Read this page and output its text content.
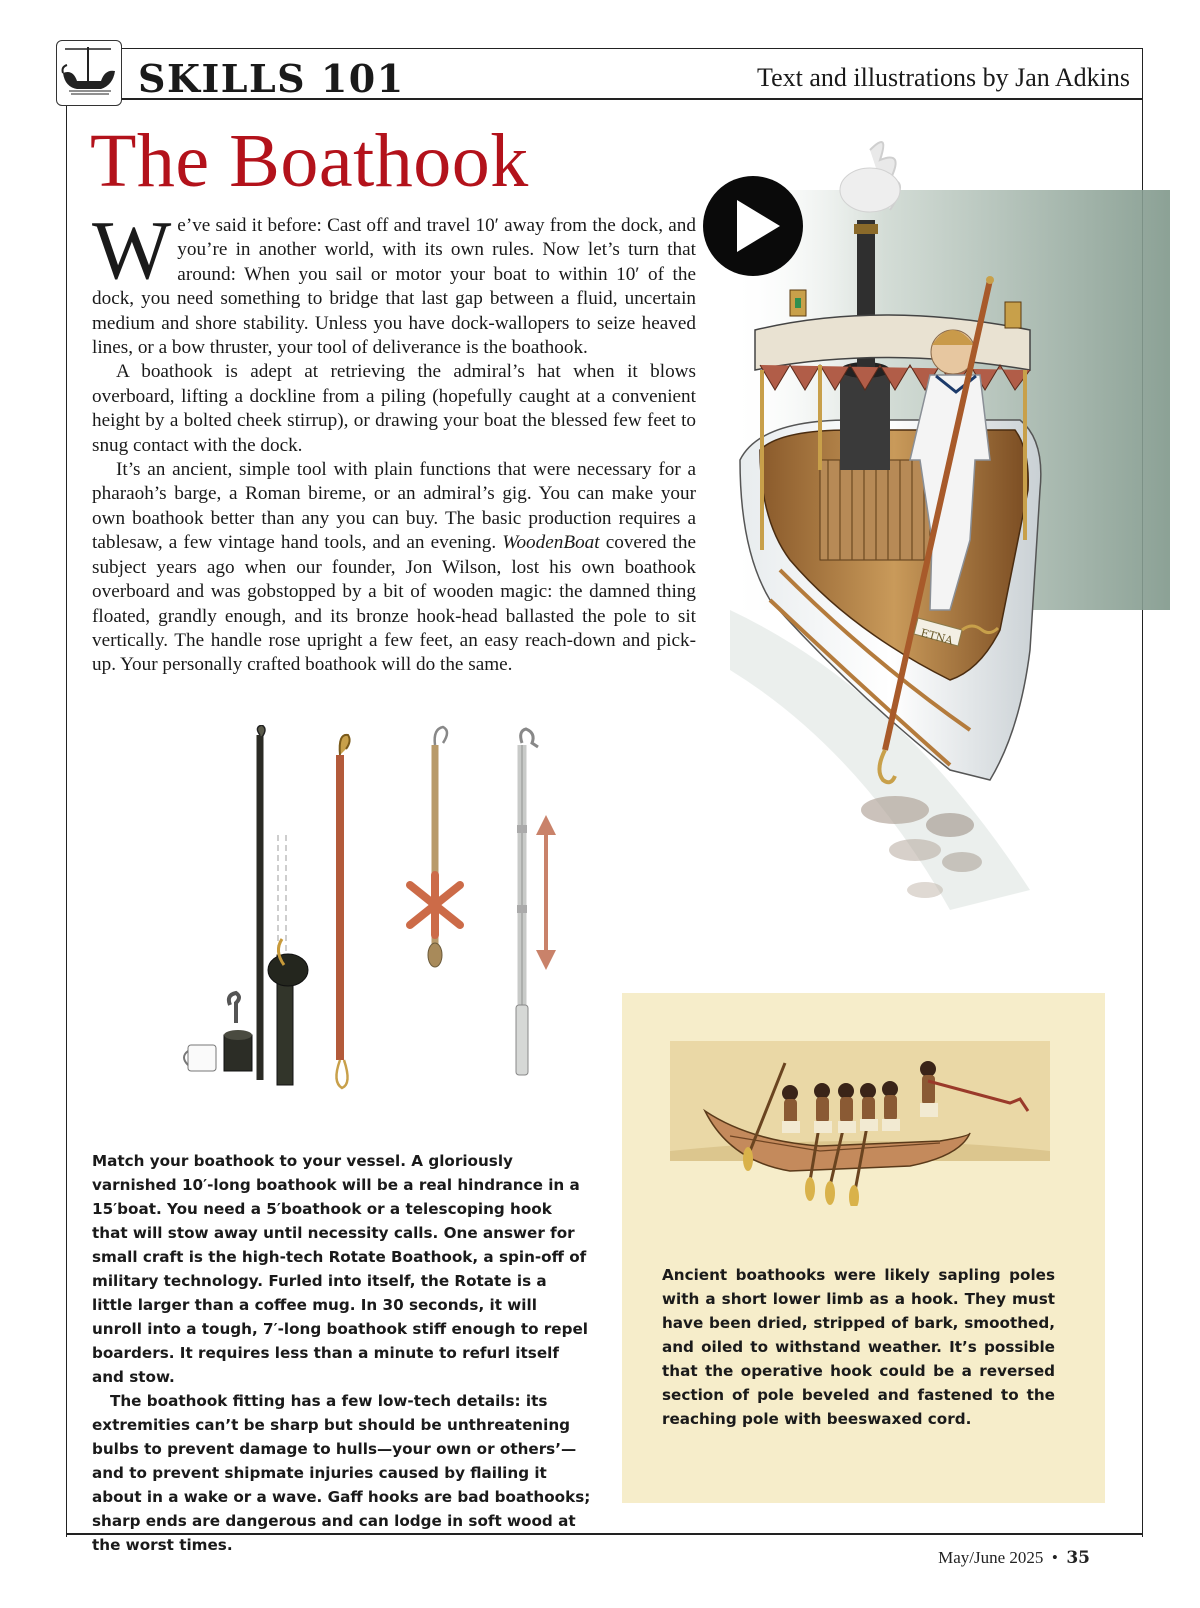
SKILLS 101	Text and illustrations by Jan Adkins
The Boathook

We’ve said it before: Cast off and travel 10′ away from the dock, and you’re in another world, with its own rules. Now let’s turn that around: When you sail or motor your boat to within 10′ of the dock, you need something to bridge that last gap between a fluid, uncertain medium and shore stability. Unless you have dock-wallopers to seize heaved lines, or a bow thruster, your tool of deliverance is the boathook.

A boathook is adept at retrieving the admiral’s hat when it blows overboard, lifting a dockline from a piling (hopefully caught at a convenient height by a bolted cheek stirrup), or drawing your boat the blessed few feet to snug contact with the dock.

It’s an ancient, simple tool with plain functions that were necessary for a pharaoh’s barge, a Roman bireme, or an admiral’s gig. You can make your own boathook better than any you can buy. The basic production requires a tablesaw, a few vintage hand tools, and an evening. WoodenBoat covered the subject years ago when our founder, Jon Wilson, lost his own boathook overboard and was gobstopped by a bit of wooden magic: the damned thing floated, grandly enough, and its bronze hook-head ballasted the pole to sit vertically. The handle rose upright a few feet, an easy reach-down and pick-up. Your personally crafted boathook will do the same.

ETNA

Match your boathook to your vessel. A gloriously varnished 10′-long boathook will be a real hindrance in a 15′boat. You need a 5′boathook or a telescoping hook that will stow away until necessity calls. One answer for small craft is the high-tech Rotate Boathook, a spin-off of military technology. Furled into itself, the Rotate is a little larger than a coffee mug. In 30 seconds, it will unroll into a tough, 7′-long boathook stiff enough to repel boarders. It requires less than a minute to refurl itself and stow.

The boathook fitting has a few low-tech details: its extremities can’t be sharp but should be unthreatening bulbs to prevent damage to hulls—your own or others’—and to prevent shipmate injuries caused by flailing it about in a wake or a wave. Gaff hooks are bad boathooks; sharp ends are dangerous and can lodge in soft wood at the worst times.

Ancient boathooks were likely sapling poles with a short lower limb as a hook. They must have been dried, stripped of bark, smoothed, and oiled to withstand weather. It’s possible that the operative hook could be a reversed section of pole beveled and fastened to the reaching pole with beeswaxed cord.
May/June 2025 • 35
